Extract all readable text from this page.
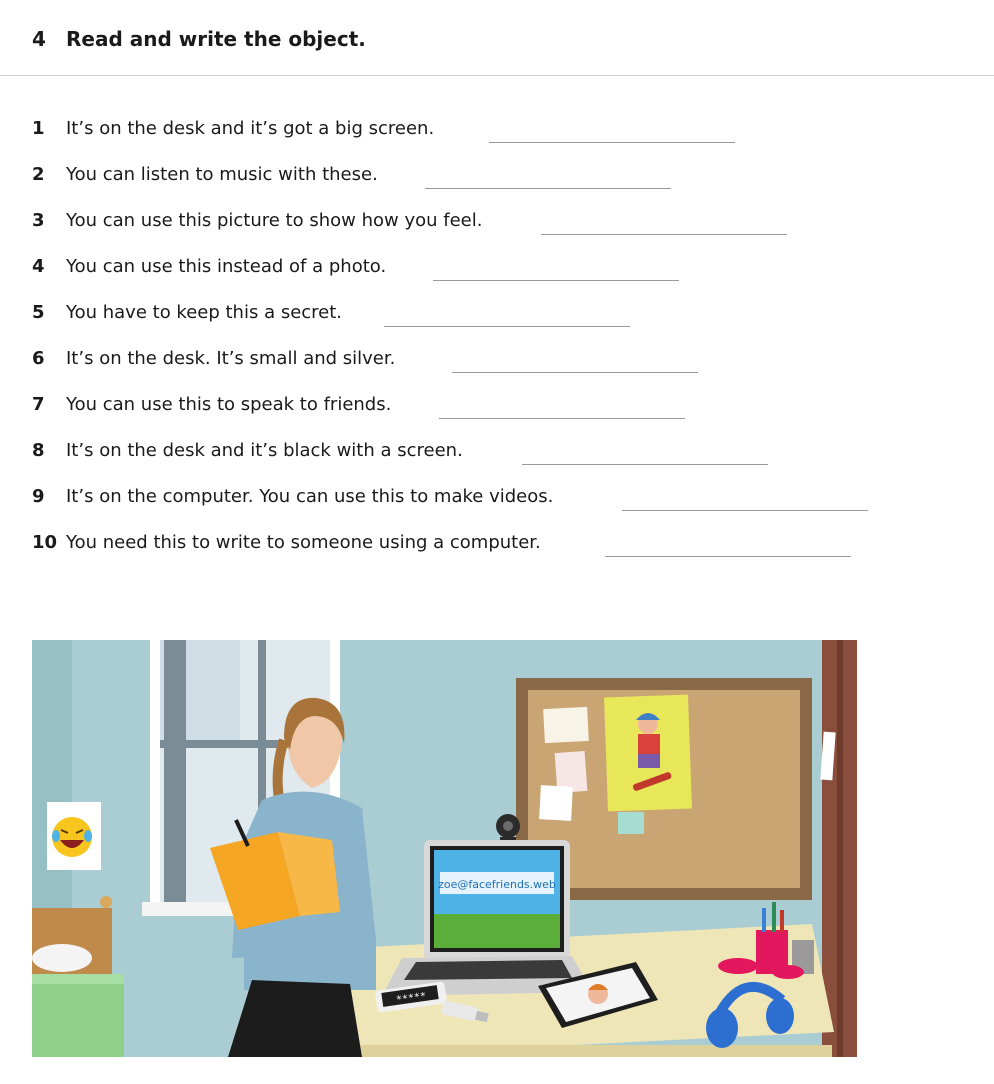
4 Read and write the object.
1 It’s on the desk and it’s got a big screen.
2 You can listen to music with these.
3 You can use this picture to show how you feel.
4 You can use this instead of a photo.
5 You have to keep this a secret.
6 It’s on the desk. It’s small and silver.
7 You can use this to speak to friends.
8 It’s on the desk and it’s black with a screen.
9 It’s on the computer. You can use this to make videos.
10 You need this to write to someone using a computer.
zoe@facefriends.web
*****
